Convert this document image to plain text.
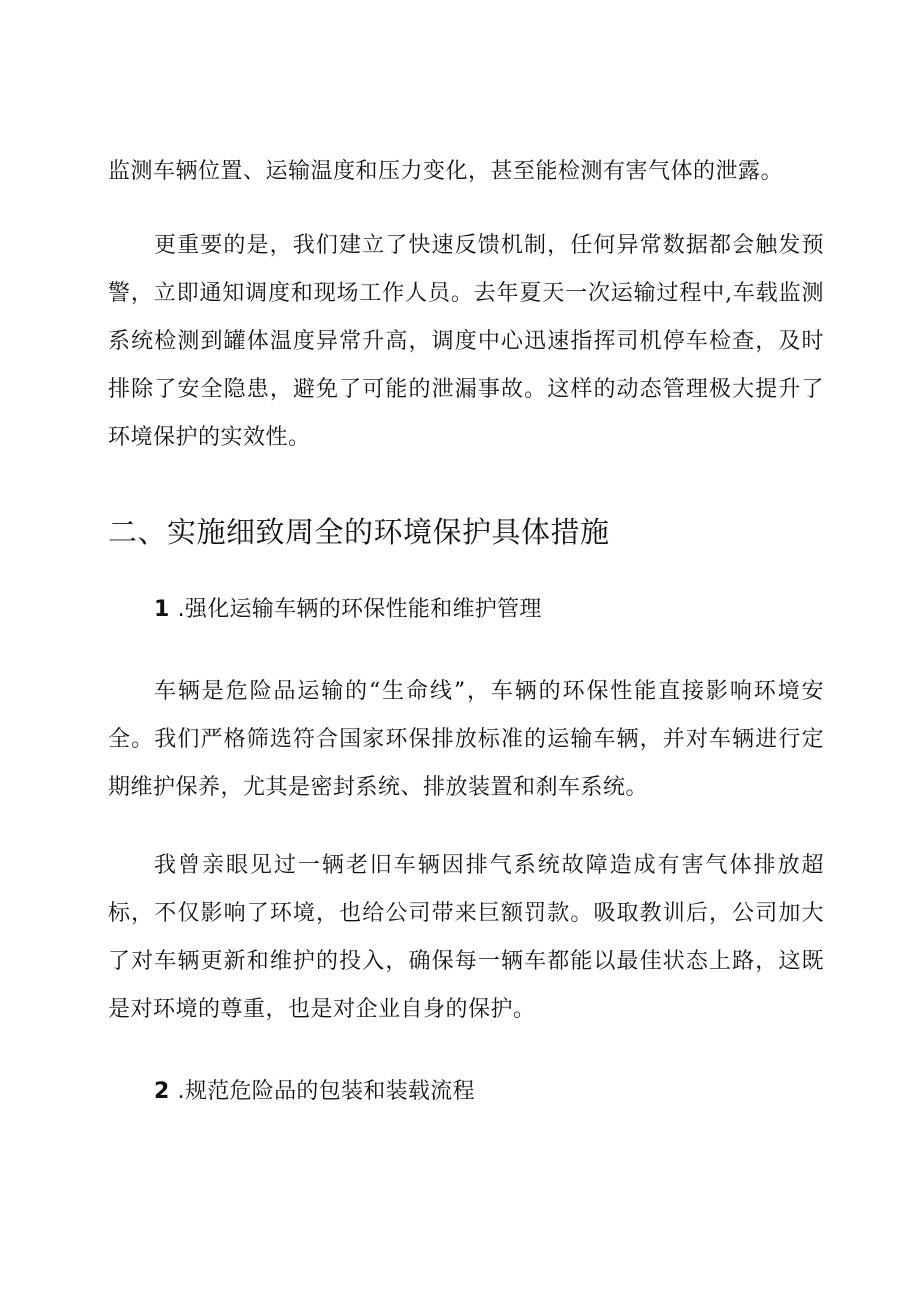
监测车辆位置、运输温度和压力变化，甚至能检测有害气体的泄露。

更重要的是，我们建立了快速反馈机制，任何异常数据都会触发预警，立即通知调度和现场工作人员。去年夏天一次运输过程中,车载监测系统检测到罐体温度异常升高，调度中心迅速指挥司机停车检查，及时排除了安全隐患，避免了可能的泄漏事故。这样的动态管理极大提升了环境保护的实效性。

二、实施细致周全的环境保护具体措施
1 .强化运输车辆的环保性能和维护管理

车辆是危险品运输的“生命线”，车辆的环保性能直接影响环境安全。我们严格筛选符合国家环保排放标准的运输车辆，并对车辆进行定期维护保养，尤其是密封系统、排放装置和刹车系统。

我曾亲眼见过一辆老旧车辆因排气系统故障造成有害气体排放超标，不仅影响了环境，也给公司带来巨额罚款。吸取教训后，公司加大了对车辆更新和维护的投入，确保每一辆车都能以最佳状态上路，这既是对环境的尊重，也是对企业自身的保护。

2 .规范危险品的包装和装载流程
